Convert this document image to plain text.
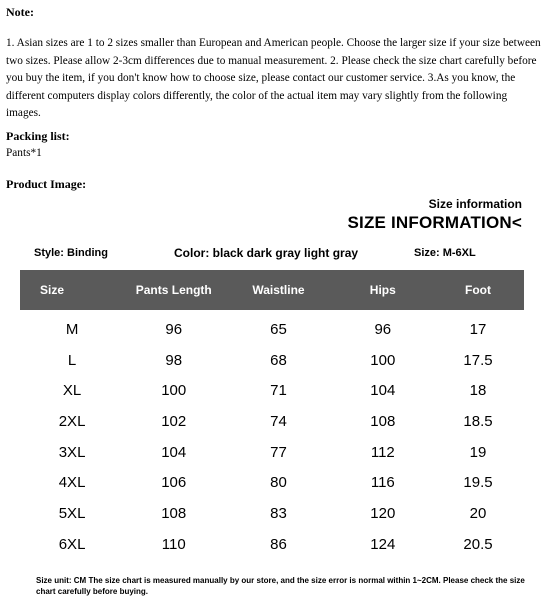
Note:
1. Asian sizes are 1 to 2 sizes smaller than European and American people. Choose the larger size if your size between two sizes. Please allow 2-3cm differences due to manual measurement. 2. Please check the size chart carefully before you buy the item, if you don't know how to choose size, please contact our customer service. 3.As you know, the different computers display colors differently, the color of the actual item may vary slightly from the following images.
Packing list:
Pants*1
Product Image:
Size information
SIZE INFORMATION<
Style: Binding	Color: black dark gray light gray	Size: M-6XL
Size	Pants Length	Waistline	Hips	Foot
M	96	65	96	17
L	98	68	100	17.5
XL	100	71	104	18
2XL	102	74	108	18.5
3XL	104	77	112	19
4XL	106	80	116	19.5
5XL	108	83	120	20
6XL	110	86	124	20.5
Size unit: CM The size chart is measured manually by our store, and the size error is normal within 1~2CM. Please check the size chart carefully before buying.
